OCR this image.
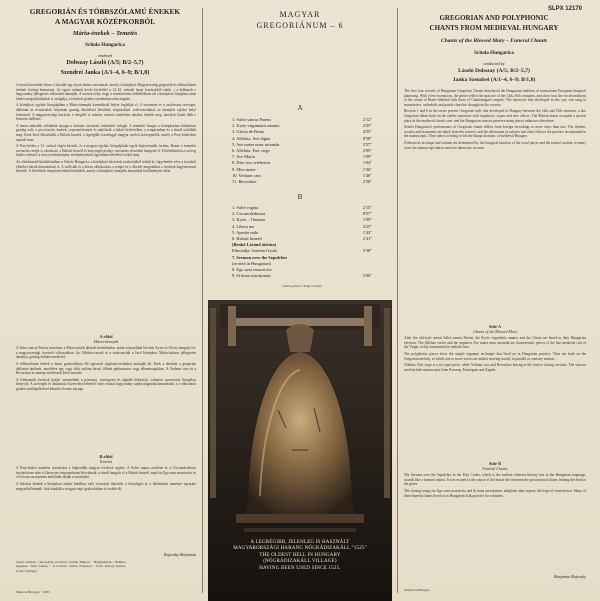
SLPX 12170
GREGORIÁN ÉS TÖBBSZÓLAMÚ ÉNEKEK
A MAGYAR KÖZÉPKORBÓL
Mária-énekek – Temetés
Schola Hungarica
vezényel
Dobszay László (A/5; B/2–5,7)
Szendrei Janka (A/1–4, 6–9; B/1,8)

A most közreadott lemez a hatodik egy olyan lemez sorozatnak, amely a középkori Magyarország gregorián és többszólamú énekeit kívánja bemutatni. Az egyes számok kevés kivétellel a 14–16. századi hazai forrásokból valók, s a dallamok e hagyomány jellegzetes változatát mutatják. A sorozat célja, hogy a zenetörténeti érdeklődésen túl a középkori liturgikus zene hiteles megszólaltatását is szolgálja, a források gondos tanulmányozása alapján.

A középkori egyház liturgiájában a Mária-ünnepek kiemelkedő helyet foglaltak el. A szentmise és a zsolozsma szövegei, dallamai az évszázadok folyamán gazdag díszítéssel bővültek: trópusokkal, szekvenciákkal, az ünneplés sajátos helyi formáival. A magyarországi források e rétegből is számos, másutt ismeretlen darabot őriztek meg, amelyek közül több e lemezen hallható.

A lemez második oldalának anyaga a halottas szertartás énekeiből válogat. A temetési liturgia a középkorban különösen gazdag volt; a processziós énekek, responzóriumok és antifónák a halott kíséretében, a templomban és a sírnál szólaltak meg. Ezek közé illeszkedik a Halotti beszéd, a legrégibb összefüggő magyar nyelvű szövegemlék, amely a Pray-kódexben maradt fenn.

A Pray-kódex a 12. század végén készült, és a magyar egyház liturgiájának egyik legfontosabb forrása. Benne a temetési szertartás rendje is olvasható, a Halotti beszéd és könyörgés pedig e szertartás részeként hangzott el. Felvételünkön a szöveg hiteles ejtéssel, a mai nyelvtudomány eredményeinek figyelembevételével szólal meg.

Az előadásmód kialakításában a Schola Hungarica a középkori kéziratok notációjából indult ki, figyelembe véve a korabeli elméleti írások útmutatásait is. A szólisták és a kórus váltakozása, a tempó és a díszítés megoldásai a források hagyományát követik. A felvételek templomi térben készültek, amely a középkori ünneplés akusztikai körülményeit idézi.

A oldal

Mária-ünnepek

A Salve sancta Parens introitusz a Mária-misék állandó kezdőéneke; utána trópusokkal bővített Kyrie és Gloria hangzik fel, a magyarországi források változatában. Az Alleluia-versek és a szekvenciák a késő középkori Mária-kultusz jellegzetes darabjai, gazdag dallamvezetéssel.

A többszólamú tételek a hazai gyakorlatban élő egyszerű orgánum-technikát mutatják be. Ezek a darabok a gregorián dallamra épülnek, amelyhez egy vagy több szólam társul, főként párhuzamos vagy ellenmozgásban. A Verbum caro és a Recordare az ünnepi zárórészek közé tartozik.

A felhasznált források között szerepelnek a pozsonyi, esztergomi és zágrábi kéziratok, valamint nyomtatott liturgikus könyvek. A szövegek és dallamok összevetése lehetővé tette a hazai hagyomány sajátosságainak kimutatását, s a változatok gondos mérlegelésével készült a lemez anyaga.

B oldal

Temetés

A Pray-kódex temetési szertartása a legkorábbi magyar források egyike. A Salve regina antifóna és a Circumdederunt invitatórium után a Libera me responzórium következik; a sírnál hangzik el a Halotti beszéd, majd az Ego sum resurrectio és a Si bona suscepimus antifónák zárják a szertartást.

A halottas énekek a középkori ember halálhoz való viszonyát tükrözik: a könyörgés és a feltámadás reménye egyaránt megszólal bennük. Sok közülük a magyar népi gyakorlatban is tovább élt.

Rajeczky Benjamin
Zenei rendező / Recording producer: Zoltán Hámori · Hangmérnök / Balance engineer: Judit Lukács · A borítón: Tamas Pokornyi · Fotó: Károly Kairéz, László Szilágyi
Made in Hungary · 1983
MAGYAR
GREGORIÁNUM – 6
A
1. Salve sancta Parens	2'12"
2. Kyrie virginitatis amator	2'35"
3. Gloria de Beata	4'55"
4. Alleluia. Ave digna	0'58"
5. Ave mater nunc miranda	3'57"
6. Alleluia. Fuit virgo	2'05"
7. Ave Maria	1'09"
8. Dies ista celebretur	1'04"
9. Mite mater	1'36"
10. Verbum caro	1'40"
11. Recordare	2'58"
B
1. Salve regina	2'15"
2. Circumdederunt	0'57"
3. Kyrie – Ommen	1'09"
4. Libera me	4'25"
5. Aperite mihi	1'43"
6. Halotti beszéd	2'41"
(Benkő Lóránd átírása)
Elmondja: Sermón Gyula	5'30"
7. Sermon over the Sepulchre
(recited in Hungarian)
8. Ego sum resurrectio
9. Si bona suscepimus	5'00"
Latin nyelven / Sung in Latin
A LEGRÉGIBB, JELENLEG IS HASZNÁLT
MAGYARORSZÁGI HARANG NÓGRÁDIZAKÁLL "1525"
THE OLDEST BELL IN HUNGARY
(NÓGRÁDIZAKÁLL VILLAGE)
HAVING BEEN USED SINCE 1525.
GREGORIAN AND POLYPHONIC
CHANTS FROM MEDIEVAL HUNGARY
Chants of the Blessed Mary – Funeral Chants
Schola Hungarica
conducted by
László Dobszay (A/5; B/2–5,7)
Janka Szendrei (A/1–4, 6–9; B/1,8)

The first four records of Hungarian Gregorian Chants introduced the Hungarian tradition of mainstream European liturgical plainsong. With a few exceptions, the pieces reflect the practice of the 14th–16th centuries, and show how the vocal traditions of the centre of Rome blended with those of Charlemagne's empire. The repertoire that developed in this way was sung in monasteries, cathedrals and parish churches throughout the country.

Records 1 and 6 in the series present Gregorian style that developed in Hungary between the 12th and 15th centuries, a late Gregorian idiom built on the earlier repertoire with sequences, tropes and new offices. The Marian feasts occupied a special place in the medieval church year, and the Hungarian sources preserve many pieces unknown elsewhere.

Schola Hungarica's performance of Gregorian chants differs from foreign recordings in more ways than one. The rhythm, accents and ornaments are taken from the sources, and the alternation of soloists and choir follows the practice documented in the manuscripts. Their aim is to bring to life the liturgical music of medieval Hungary.

Differences in tempo and volume are determined by the liturgical function of the vocal pieces and the textual content; in many cases the manuscript rubrics must be taken into account.

Side A

Chants of the Blessed Mary

After the old-style introit Salve sancta Parens, the Kyrie virginitatis amator and the Gloria are heard in their Hungarian versions. The Alleluia verses and the sequence Ave mater nunc miranda are characteristic pieces of the late medieval cult of the Virgin, richly ornamented in melodic line.

The polyphonic pieces show the simple organum technique that lived on in Hungarian practice. They are built on the Gregorian melody, to which one or more voices are added, moving mostly in parallel or contrary motion.

Alleluia. Fuit virgo is a two-part piece, while Verbum caro and Recordare belong to the festive closing sections. The sources used include manuscripts from Pozsony, Esztergom and Zagreb.

Side B

Funeral Chants

The Sermon over the Sepulchre in the Pray Codex, which is the earliest coherent literary text in the Hungarian language, sounds like a funeral oration. It was recited in the course of the burial rite, between the processional chants leading the dead to the grave.

The closing songs are Ego sum resurrectio and Si bona suscepimus, antiphons that express the hope of resurrection. Many of these funeral chants lived on in Hungarian folk practice for centuries.

Benjamin Rajeczky
Printed in Hungary
